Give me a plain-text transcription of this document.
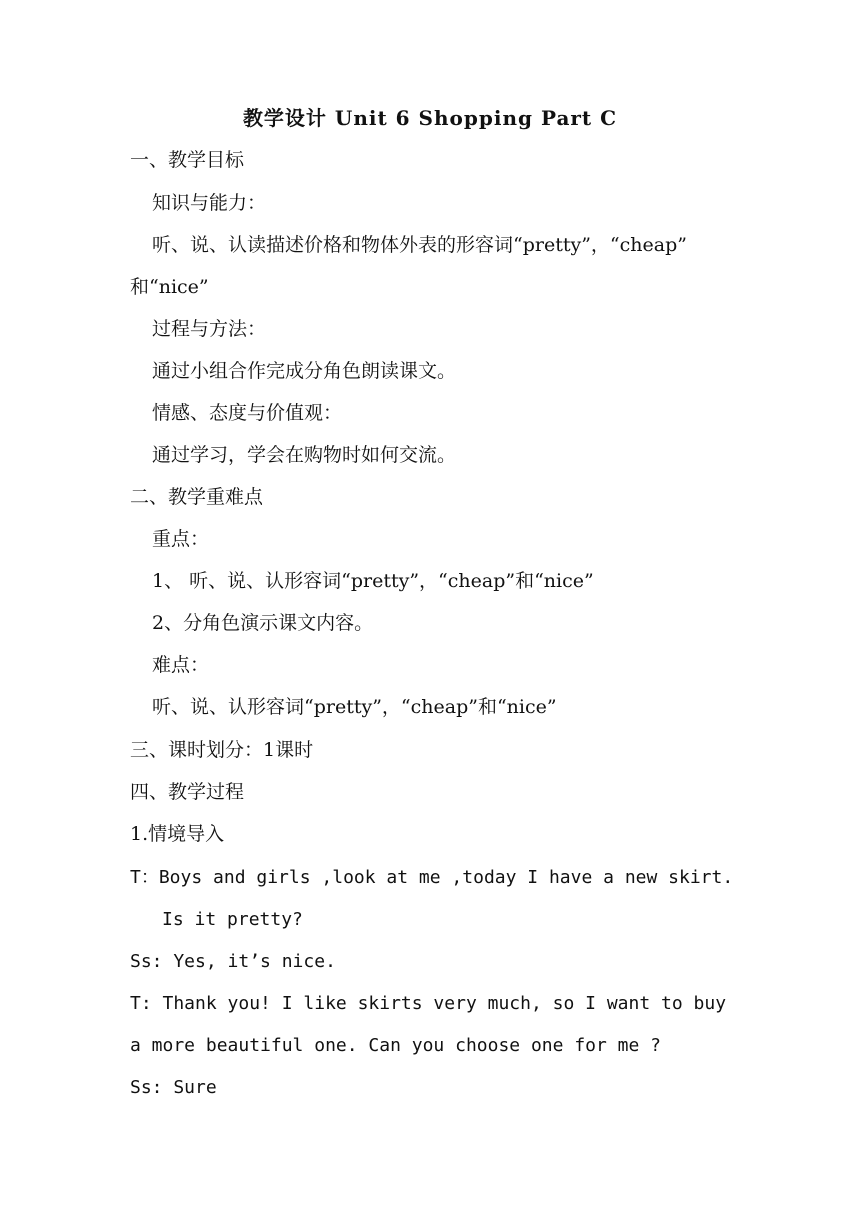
教学设计 Unit 6 Shopping Part C
一、教学目标
知识与能力：
听、说、认读描述价格和物体外表的形容词“pretty”，“cheap”
和“nice”
过程与方法：
通过小组合作完成分角色朗读课文。
情感、态度与价值观：
通过学习，学会在购物时如何交流。
二、教学重难点
重点：
1、 听、说、认形容词“pretty”，“cheap”和“nice”
2、分角色演示课文内容。
难点：
听、说、认形容词“pretty”，“cheap”和“nice”
三、课时划分：1课时
四、教学过程
1.情境导入
T：Boys and girls ,look at me ,today I have a new skirt.
Is it pretty?
Ss: Yes, it’s nice.
T: Thank you! I like skirts very much, so I want to buy
a more beautiful one. Can you choose one for me ?
Ss: Sure
